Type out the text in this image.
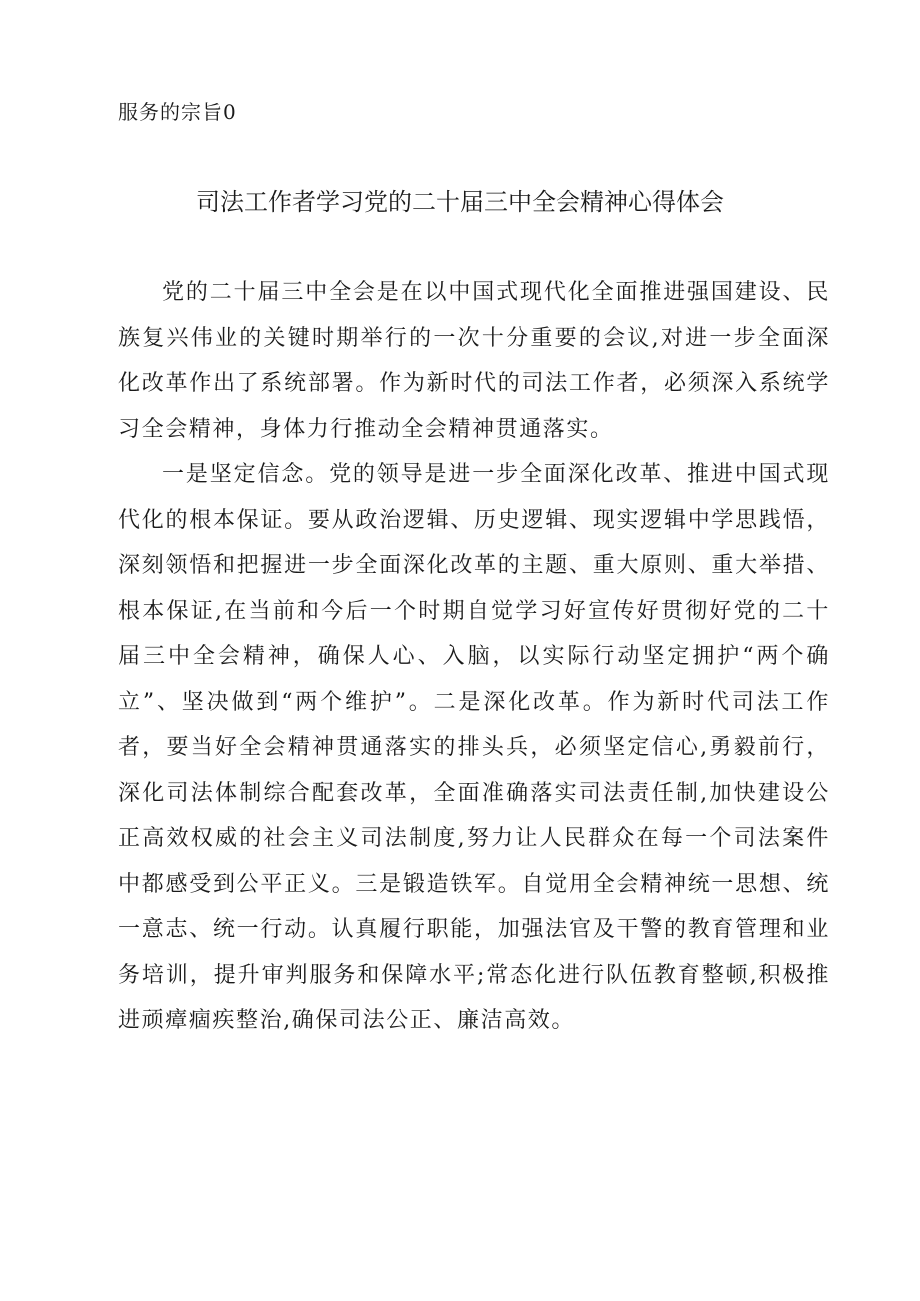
服务的宗旨0
司法工作者学习党的二十届三中全会精神心得体会

党的二十届三中全会是在以中国式现代化全面推进强国建设、民族复兴伟业的关键时期举行的一次十分重要的会议,对进一步全面深化改革作出了系统部署。作为新时代的司法工作者，必须深入系统学习全会精神，身体力行推动全会精神贯通落实。

一是坚定信念。党的领导是进一步全面深化改革、推进中国式现代化的根本保证。要从政治逻辑、历史逻辑、现实逻辑中学思践悟，深刻领悟和把握进一步全面深化改革的主题、重大原则、重大举措、根本保证,在当前和今后一个时期自觉学习好宣传好贯彻好党的二十届三中全会精神，确保人心、入脑，以实际行动坚定拥护“两个确立”、坚决做到“两个维护”。二是深化改革。作为新时代司法工作者，要当好全会精神贯通落实的排头兵，必须坚定信心,勇毅前行，深化司法体制综合配套改革，全面准确落实司法责任制,加快建设公正高效权威的社会主义司法制度,努力让人民群众在每一个司法案件中都感受到公平正义。三是锻造铁军。自觉用全会精神统一思想、统一意志、统一行动。认真履行职能，加强法官及干警的教育管理和业务培训，提升审判服务和保障水平;常态化进行队伍教育整顿,积极推进顽瘴痼疾整治,确保司法公正、廉洁高效。
